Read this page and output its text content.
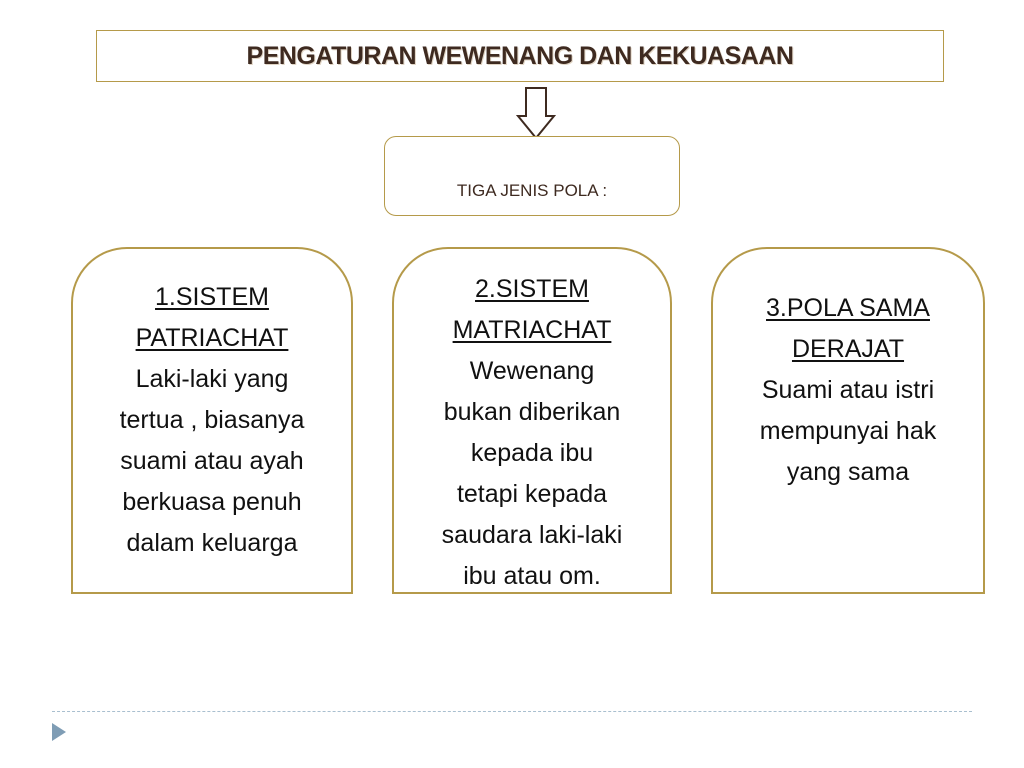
PENGATURAN WEWENANG DAN KEKUASAAN
TIGA JENIS POLA :
1.SISTEM
PATRIACHAT
Laki-laki yang
tertua , biasanya
suami atau ayah
berkuasa penuh
dalam keluarga
2.SISTEM
MATRIACHAT
Wewenang
bukan diberikan
kepada ibu
tetapi kepada
saudara laki-laki
ibu atau om.
3.POLA SAMA
DERAJAT
Suami atau istri
mempunyai hak
yang sama
